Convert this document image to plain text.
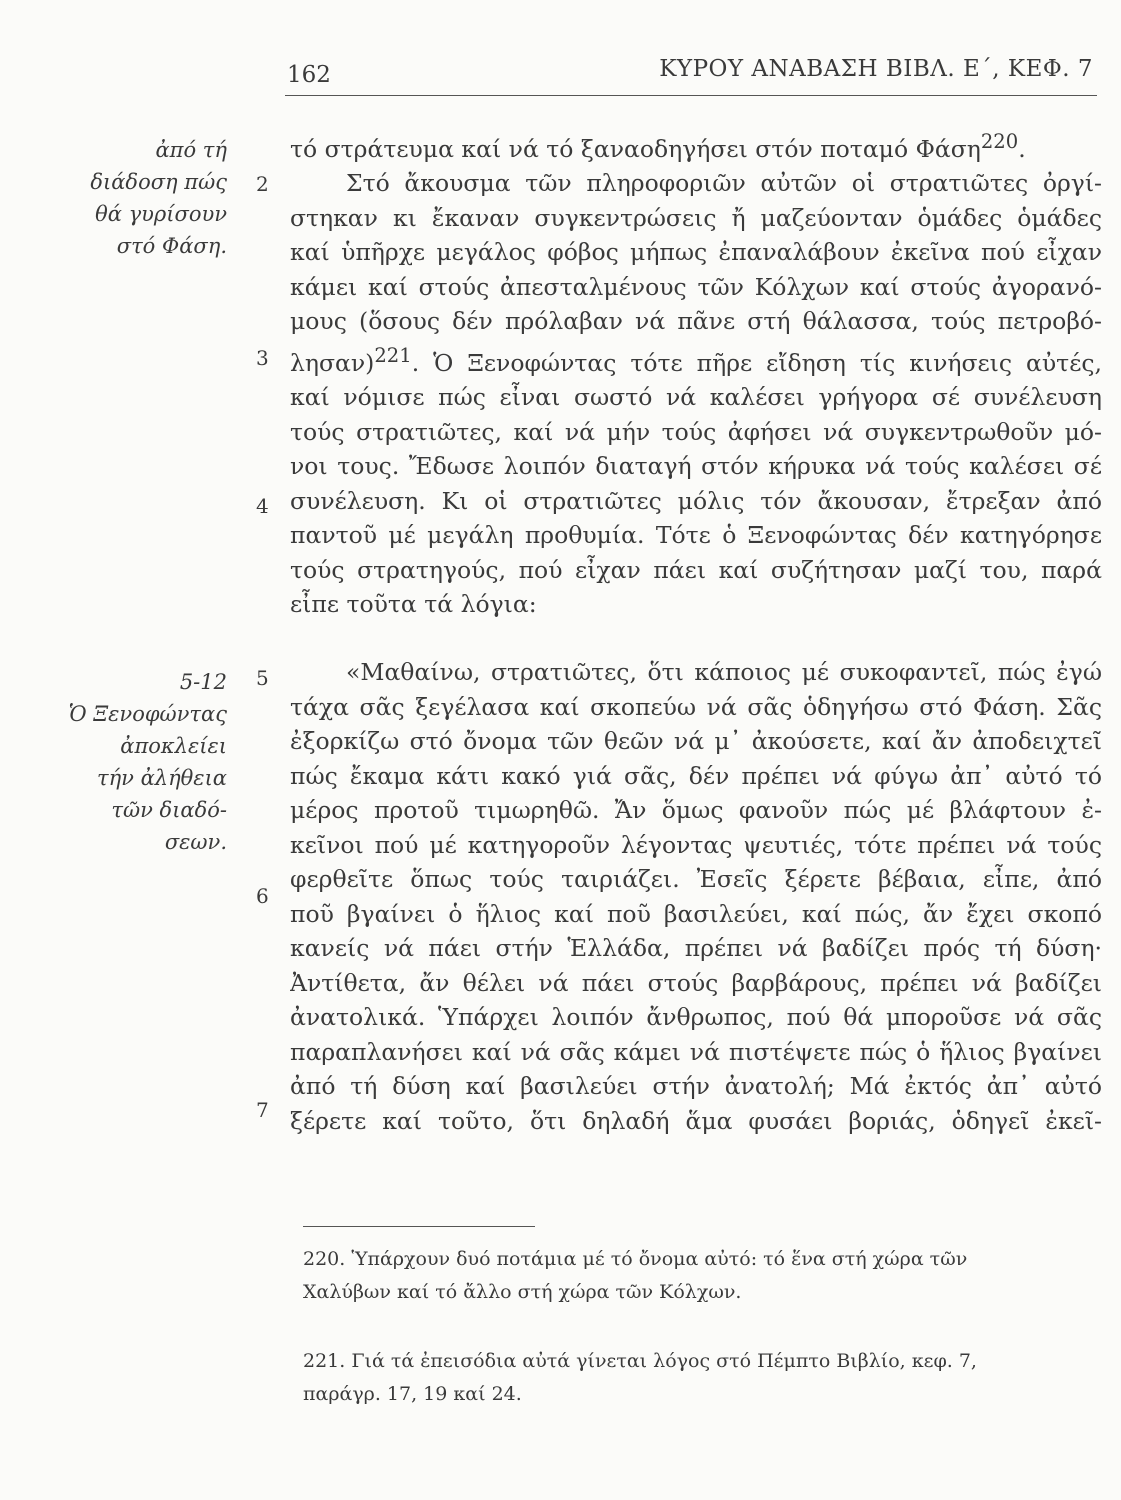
162	ΚΥΡΟΥ ΑΝΑΒΑΣΗ ΒΙΒΛ. Ε΄, ΚΕΦ. 7
ἀπό τή
διάδοση πώς
θά γυρίσουν
στό Φάση.
5-12
Ὁ Ξενοφώντας
ἀποκλείει
τήν ἀλήθεια
τῶν διαδό-
σεων.
2
3
4
5
6
7
τό στράτευμα καί νά τό ξαναοδηγήσει στόν ποταμό Φάση$^{220}$.
Στό ἄκουσμα τῶν πληροφοριῶν αὐτῶν οἱ στρατιῶτες ὀργί-
στηκαν κι ἔκαναν συγκεντρώσεις ἤ μαζεύονταν ὁμάδες ὁμάδες
καί ὑπῆρχε μεγάλος φόβος μήπως ἐπαναλάβουν ἐκεῖνα πού εἶχαν
κάμει καί στούς ἀπεσταλμένους τῶν Κόλχων καί στούς ἀγορανό-
μους (ὅσους δέν πρόλαβαν νά πᾶνε στή θάλασσα, τούς πετροβό-
λησαν)$^{221}$. Ὁ Ξενοφώντας τότε πῆρε εἴδηση τίς κινήσεις αὐτές,
καί νόμισε πώς εἶναι σωστό νά καλέσει γρήγορα σέ συνέλευση
τούς στρατιῶτες, καί νά μήν τούς ἀφήσει νά συγκεντρωθοῦν μό-
νοι τους. Ἔδωσε λοιπόν διαταγή στόν κήρυκα νά τούς καλέσει σέ
συνέλευση. Κι οἱ στρατιῶτες μόλις τόν ἄκουσαν, ἔτρεξαν ἀπό
παντοῦ μέ μεγάλη προθυμία. Τότε ὁ Ξενοφώντας δέν κατηγόρησε
τούς στρατηγούς, πού εἶχαν πάει καί συζήτησαν μαζί του, παρά
εἶπε τοῦτα τά λόγια:
«Μαθαίνω, στρατιῶτες, ὅτι κάποιος μέ συκοφαντεῖ, πώς ἐγώ
τάχα σᾶς ξεγέλασα καί σκοπεύω νά σᾶς ὁδηγήσω στό Φάση. Σᾶς
ἐξορκίζω στό ὄνομα τῶν θεῶν νά μ᾽ ἀκούσετε, καί ἄν ἀποδειχτεῖ
πώς ἔκαμα κάτι κακό γιά σᾶς, δέν πρέπει νά φύγω ἀπ᾽ αὐτό τό
μέρος προτοῦ τιμωρηθῶ. Ἄν ὅμως φανοῦν πώς μέ βλάφτουν ἐ-
κεῖνοι πού μέ κατηγοροῦν λέγοντας ψευτιές, τότε πρέπει νά τούς
φερθεῖτε ὅπως τούς ταιριάζει. Ἐσεῖς ξέρετε βέβαια, εἶπε, ἀπό
ποῦ βγαίνει ὁ ἥλιος καί ποῦ βασιλεύει, καί πώς, ἄν ἔχει σκοπό
κανείς νά πάει στήν Ἑλλάδα, πρέπει νά βαδίζει πρός τή δύση·
Ἀντίθετα, ἄν θέλει νά πάει στούς βαρβάρους, πρέπει νά βαδίζει
ἀνατολικά. Ὑπάρχει λοιπόν ἄνθρωπος, πού θά μποροῦσε νά σᾶς
παραπλανήσει καί νά σᾶς κάμει νά πιστέψετε πώς ὁ ἥλιος βγαίνει
ἀπό τή δύση καί βασιλεύει στήν ἀνατολή; Μά ἐκτός ἀπ᾽ αὐτό
ξέρετε καί τοῦτο, ὅτι δηλαδή ἅμα φυσάει βοριάς, ὁδηγεῖ ἐκεῖ-
220. Ὑπάρχουν δυό ποτάμια μέ τό ὄνομα αὐτό: τό ἕνα στή χώρα τῶν
Χαλύβων καί τό ἄλλο στή χώρα τῶν Κόλχων.
221. Γιά τά ἐπεισόδια αὐτά γίνεται λόγος στό Πέμπτο Βιβλίο, κεφ. 7,
παράγρ. 17, 19 καί 24.
